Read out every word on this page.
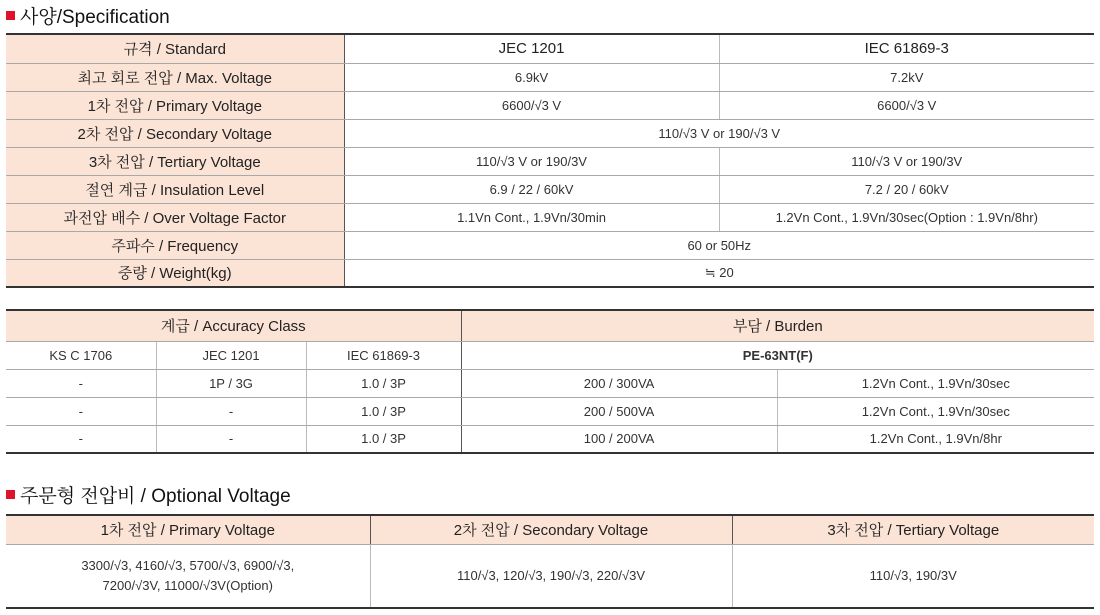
사양/Specification
규격 / Standard	JEC 1201	IEC 61869-3
최고 회로 전압 / Max. Voltage	6.9kV	7.2kV
1차 전압 / Primary Voltage	6600/√3 V	6600/√3 V
2차 전압 / Secondary Voltage	110/√3 V or 190/√3 V	
3차 전압 / Tertiary Voltage	110/√3 V or 190/3V	110/√3 V or 190/3V
절연 계급 / Insulation Level	6.9 / 22 / 60kV	7.2 / 20 / 60kV
과전압 배수 / Over Voltage Factor	1.1Vn Cont., 1.9Vn/30min	1.2Vn Cont., 1.9Vn/30sec(Option : 1.9Vn/8hr)
주파수 / Frequency	60 or 50Hz	
중량 / Weight(kg)	≒ 20	
계급 / Accuracy Class			부담 / Burden	
KS C 1706	JEC 1201	IEC 61869-3	PE-63NT(F)	
-	1P / 3G	1.0 / 3P	200 / 300VA	1.2Vn Cont., 1.9Vn/30sec
-	-	1.0 / 3P	200 / 500VA	1.2Vn Cont., 1.9Vn/30sec
-	-	1.0 / 3P	100 / 200VA	1.2Vn Cont., 1.9Vn/8hr
주문형 전압비 / Optional Voltage
1차 전압 / Primary Voltage	2차 전압 / Secondary Voltage	3차 전압 / Tertiary Voltage

3300/√3, 4160/√3, 5700/√3, 6900/√3,
7200/√3V, 11000/√3V(Option)	110/√3, 120/√3, 190/√3, 220/√3V	110/√3, 190/3V
